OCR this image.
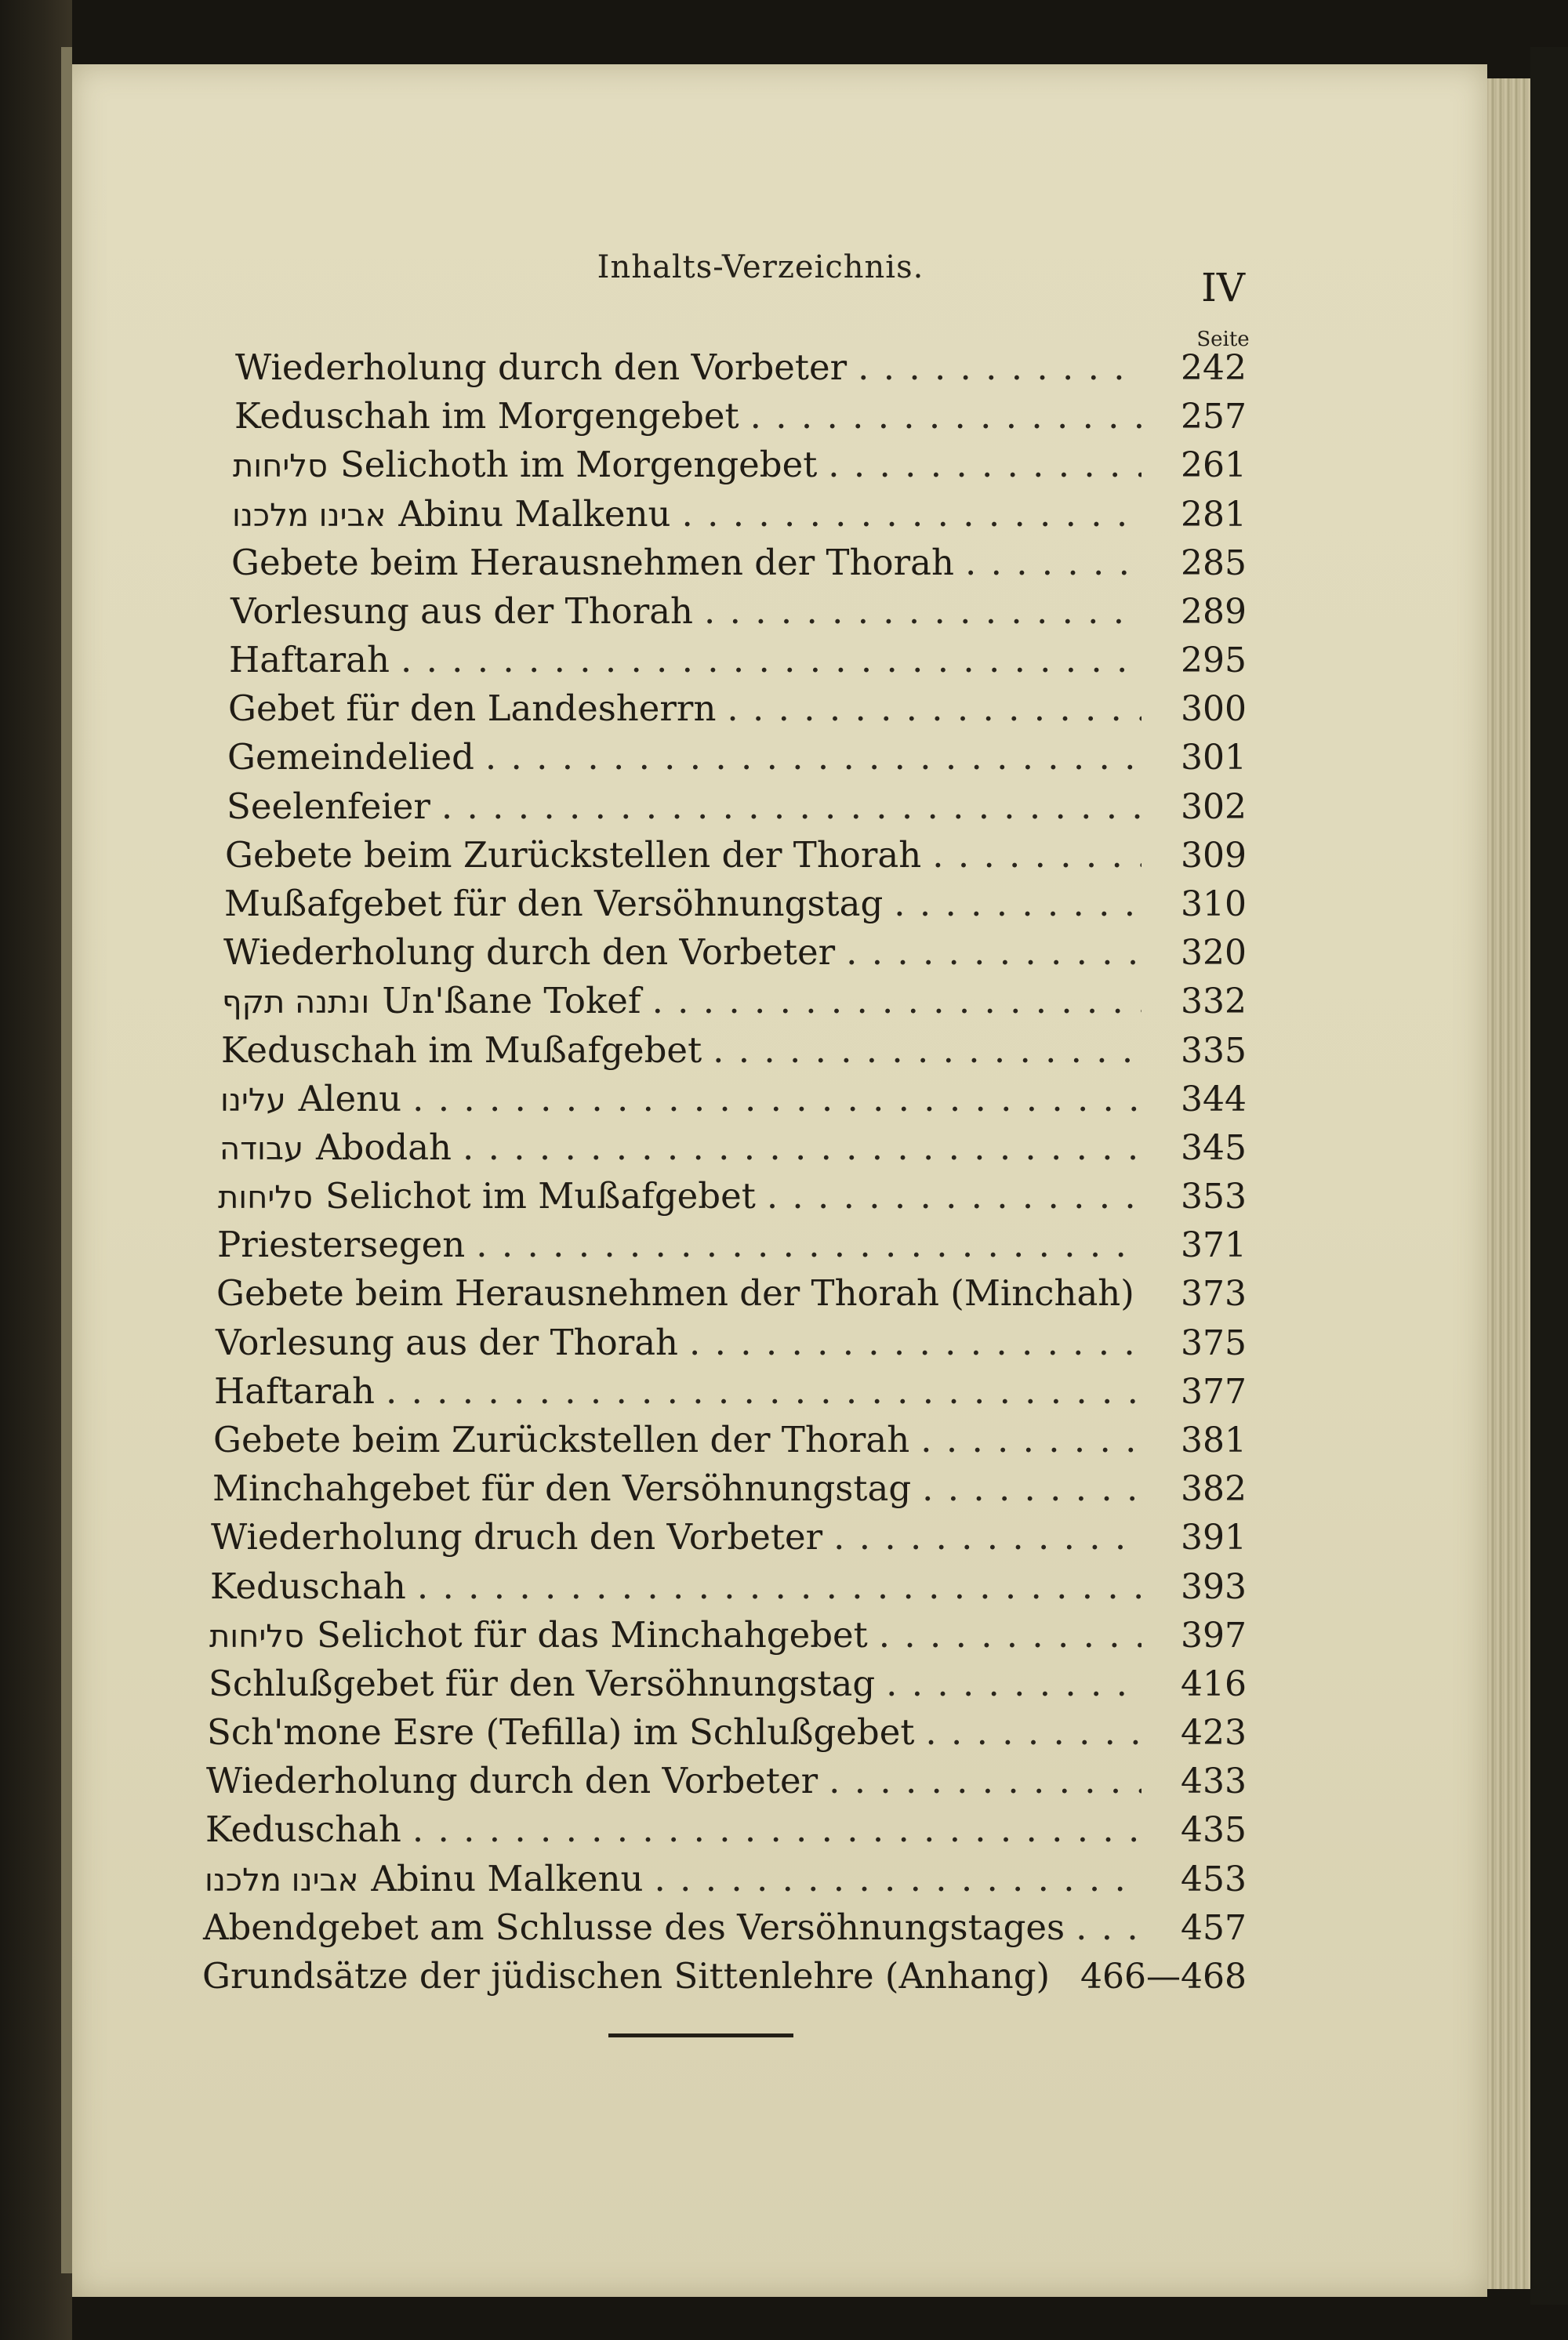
Inhalts-Verzeichnis.	IV
Seite
Wiederholung durch den Vorbeter . . .	242
Keduschah im Morgengebet . . .	257
סליחות Selichoth im Morgengebet . . .	261
אבינו מלכנו Abinu Malkenu . . .	281
Gebete beim Herausnehmen der Thorah . . .	285
Vorlesung aus der Thorah . . .	289
Haftarah . . .	295
Gebet für den Landesherrn . . .	300
Gemeindelied . . .	301
Seelenfeier . . .	302
Gebete beim Zurückstellen der Thorah . . .	309
Mußafgebet für den Versöhnungstag . . .	310
Wiederholung durch den Vorbeter . . .	320
ונתנה תקף Un'ßane Tokef . . .	332
Keduschah im Mußafgebet . . .	335
עלינו Alenu . . .	344
עבודה Abodah . . .	345
סליחות Selichot im Mußafgebet . . .	353
Priestersegen . . .	371
Gebete beim Herausnehmen der Thorah (Minchah)	373
Vorlesung aus der Thorah . . .	375
Haftarah . . .	377
Gebete beim Zurückstellen der Thorah . . .	381
Minchahgebet für den Versöhnungstag . . .	382
Wiederholung druch den Vorbeter . . .	391
Keduschah . . .	393
סליחות Selichot für das Minchahgebet . . .	397
Schlußgebet für den Versöhnungstag . . .	416
Sch'mone Esre (Tefilla) im Schlußgebet . . .	423
Wiederholung durch den Vorbeter . . .	433
Keduschah . . .	435
אבינו מלכנו Abinu Malkenu . . .	453
Abendgebet am Schlusse des Versöhnungstages . . .	457
Grundsätze der jüdischen Sittenlehre (Anhang) 466—468
